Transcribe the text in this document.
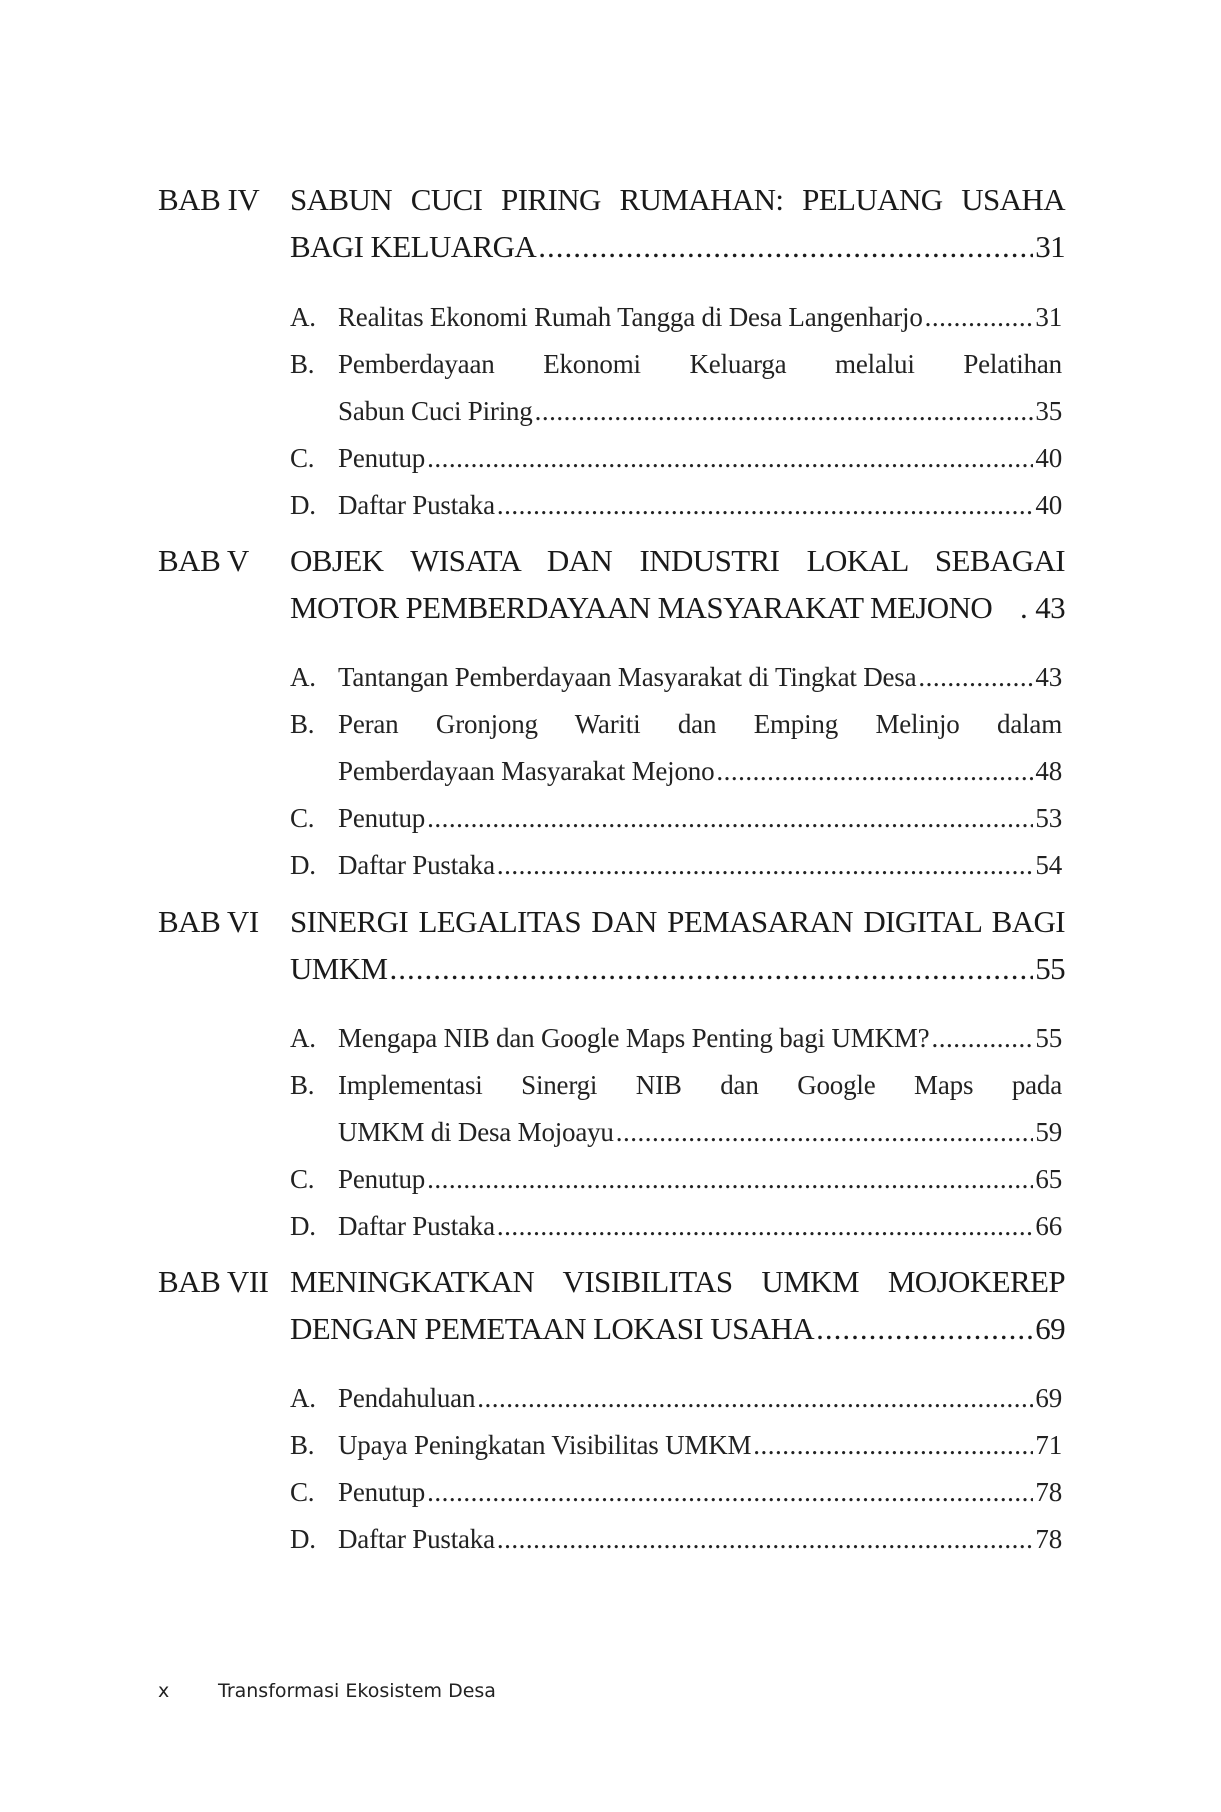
BAB IV SABUN CUCI PIRING RUMAHAN: PELUANG USAHA
BAGI KELUARGA .....	31
A. Realitas Ekonomi Rumah Tangga di Desa Langenharjo .....	31
B. Pemberdayaan Ekonomi Keluarga melalui Pelatihan
Sabun Cuci Piring .....	35
C. Penutup .....	40
D. Daftar Pustaka .....	40
BAB V OBJEK WISATA DAN INDUSTRI LOKAL SEBAGAI
MOTOR PEMBERDAYAAN MASYARAKAT MEJONO . 43
A. Tantangan Pemberdayaan Masyarakat di Tingkat Desa .....	43
B. Peran Gronjong Wariti dan Emping Melinjo dalam
Pemberdayaan Masyarakat Mejono .....	48
C. Penutup .....	53
D. Daftar Pustaka .....	54
BAB VI SINERGI LEGALITAS DAN PEMASARAN DIGITAL BAGI
UMKM .....	55
A. Mengapa NIB dan Google Maps Penting bagi UMKM? .....	55
B. Implementasi Sinergi NIB dan Google Maps pada
UMKM di Desa Mojoayu .....	59
C. Penutup .....	65
D. Daftar Pustaka .....	66
BAB VII MENINGKATKAN VISIBILITAS UMKM MOJOKEREP
DENGAN PEMETAAN LOKASI USAHA .....	69
A. Pendahuluan .....	69
B. Upaya Peningkatan Visibilitas UMKM .....	71
C. Penutup .....	78
D. Daftar Pustaka .....	78
x	Transformasi Ekosistem Desa
